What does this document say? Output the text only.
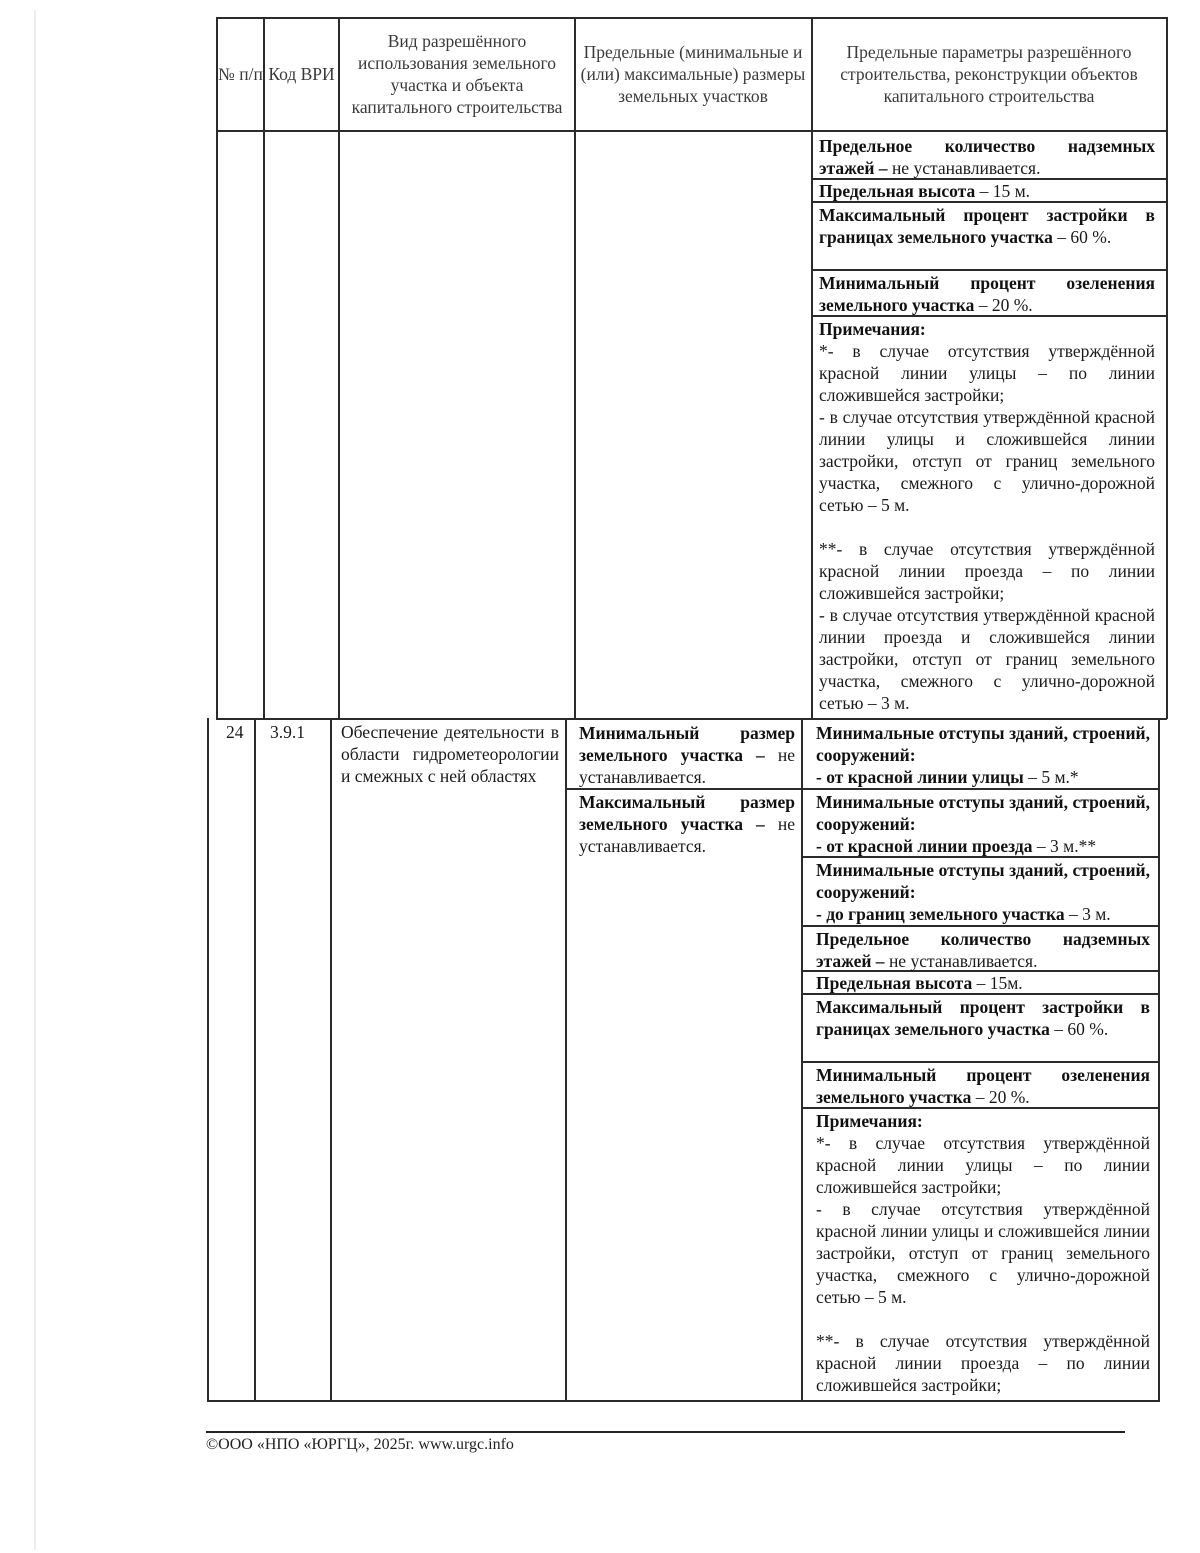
№ п/п Код ВРИ
Вид разрешённого использования земельного участка и объекта капитального строительства
Предельные (минимальные и (или) максимальные) размеры земельных участков
Предельные параметры разрешённого строительства, реконструкции объектов капитального строительства
Предельное количество надземных этажей – не устанавливается.
Предельная высота – 15 м.
Максимальный процент застройки в границах земельного участка – 60 %.
Минимальный процент озеленения земельного участка – 20 %.
Примечания:
*- в случае отсутствия утверждённой красной линии улицы – по линии сложившейся застройки;
- в случае отсутствия утверждённой красной линии улицы и сложившейся линии застройки, отступ от границ земельного участка, смежного с улично-дорожной сетью – 5 м.
**- в случае отсутствия утверждённой красной линии проезда – по линии сложившейся застройки;
- в случае отсутствия утверждённой красной линии проезда и сложившейся линии застройки, отступ от границ земельного участка, смежного с улично-дорожной сетью – 3 м.
24	3.9.1	Обеспечение деятельности в области гидрометеорологии и смежных с ней областях
Минимальный размер земельного участка – не устанавливается.
Максимальный размер земельного участка – не устанавливается.
Минимальные отступы зданий, строений, сооружений:
- от красной линии улицы – 5 м.*
Минимальные отступы зданий, строений, сооружений:
- от красной линии проезда – 3 м.**
Минимальные отступы зданий, строений, сооружений:
- до границ земельного участка – 3 м.
Предельное количество надземных этажей – не устанавливается.
Предельная высота – 15м.
Максимальный процент застройки в границах земельного участка – 60 %.
Минимальный процент озеленения земельного участка – 20 %.
Примечания:
*- в случае отсутствия утверждённой красной линии улицы – по линии сложившейся застройки;
- в случае отсутствия утверждённой красной линии улицы и сложившейся линии застройки, отступ от границ земельного участка, смежного с улично-дорожной сетью – 5 м.
**- в случае отсутствия утверждённой красной линии проезда – по линии сложившейся застройки;
©ООО «НПО «ЮРГЦ», 2025г. www.urgc.info
